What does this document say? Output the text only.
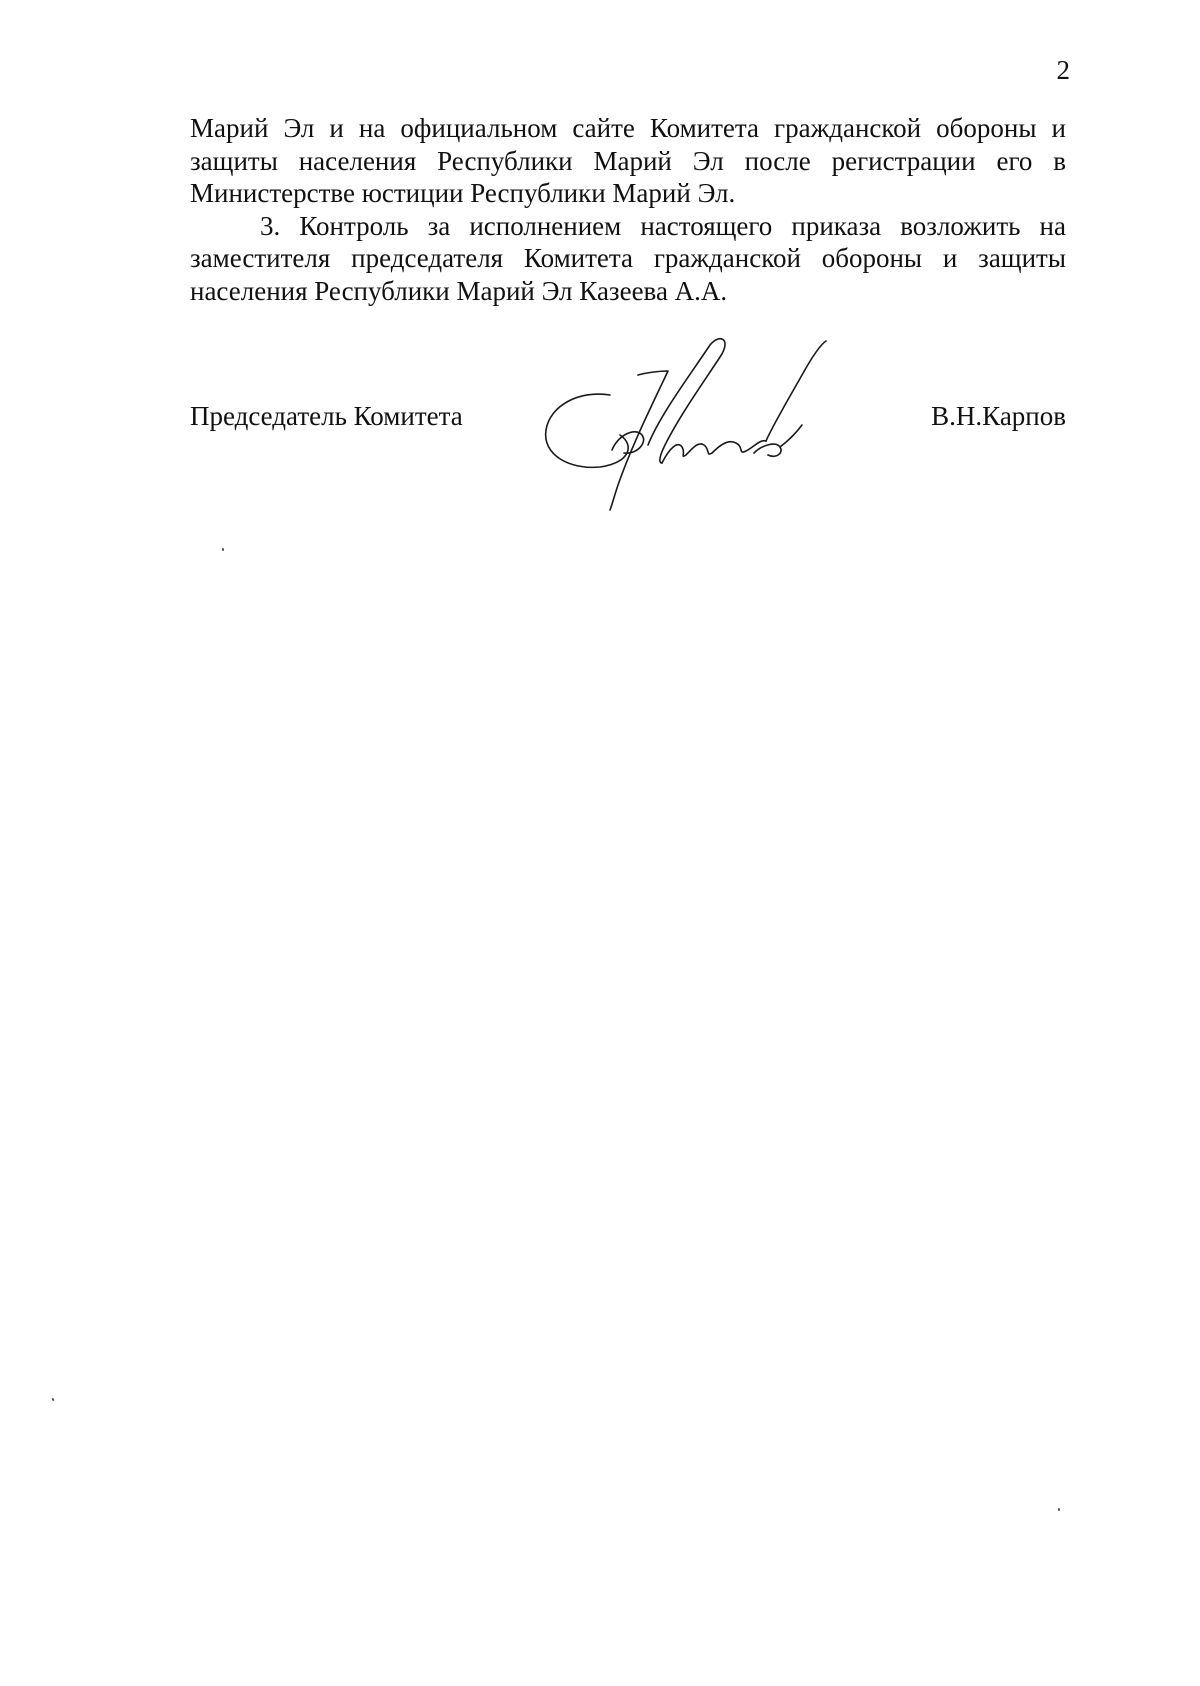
2

Марий Эл и на официальном сайте Комитета гражданской обороны и защиты населения Республики Марий Эл после регистрации его в Министерстве юстиции Республики Марий Эл.

3. Контроль за исполнением настоящего приказа возложить на заместителя председателя Комитета гражданской обороны и защиты населения Республики Марий Эл Казеева А.А.

Председатель Комитета	В.Н.Карпов
